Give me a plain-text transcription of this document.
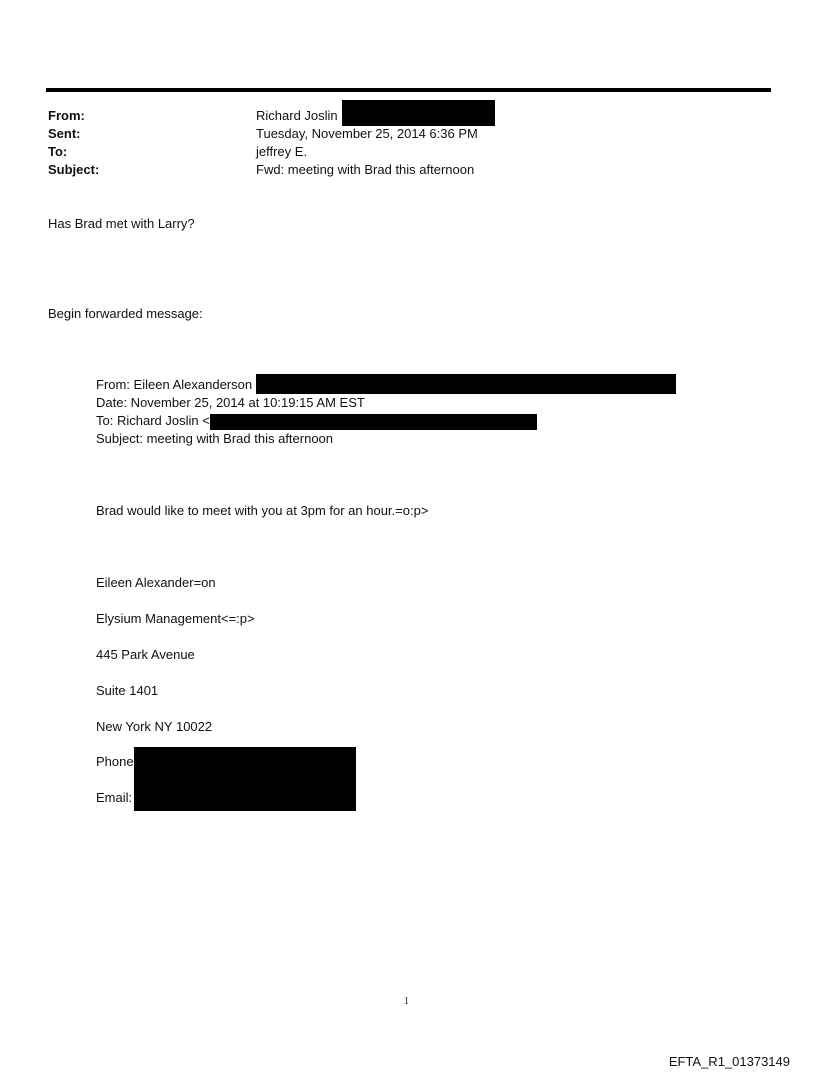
From:	Richard Joslin
Sent:	Tuesday, November 25, 2014 6:36 PM
To:	jeffrey E.
Subject:	Fwd: meeting with Brad this afternoon
Has Brad met with Larry?
Begin forwarded message:
From: Eileen Alexanderson
Date: November 25, 2014 at 10:19:15 AM EST
To: Richard Joslin <
Subject: meeting with Brad this afternoon
Brad would like to meet with you at 3pm for an hour.=o:p>
Eileen Alexander=on
Elysium Management<=:p>
445 Park Avenue
Suite 1401
New York NY 10022
Phone
Email:
1
EFTA_R1_01373149
